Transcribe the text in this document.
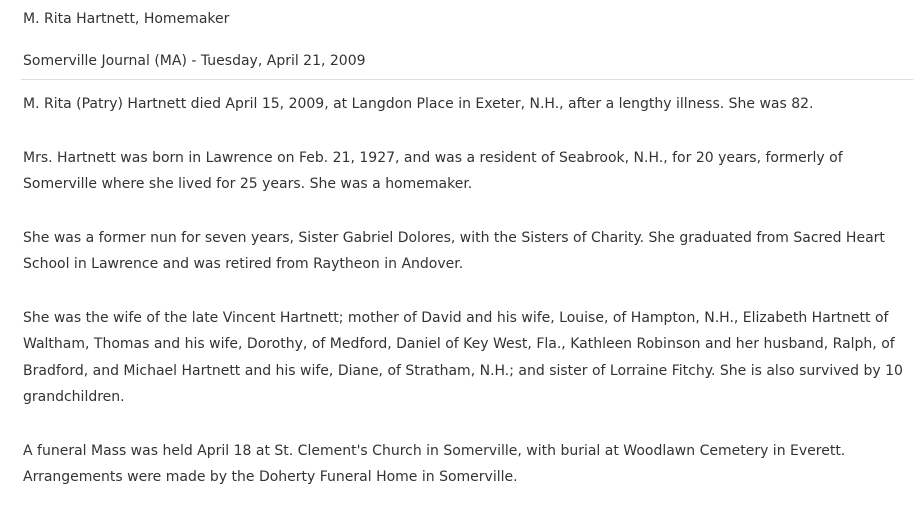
M. Rita Hartnett, Homemaker
Somerville Journal (MA) - Tuesday, April 21, 2009

M. Rita (Patry) Hartnett died April 15, 2009, at Langdon Place in Exeter, N.H., after a lengthy illness. She was 82.

Mrs. Hartnett was born in Lawrence on Feb. 21, 1927, and was a resident of Seabrook, N.H., for 20 years, formerly of Somerville where she lived for 25 years. She was a homemaker.

She was a former nun for seven years, Sister Gabriel Dolores, with the Sisters of Charity. She graduated from Sacred Heart School in Lawrence and was retired from Raytheon in Andover.

She was the wife of the late Vincent Hartnett; mother of David and his wife, Louise, of Hampton, N.H., Elizabeth Hartnett of Waltham, Thomas and his wife, Dorothy, of Medford, Daniel of Key West, Fla., Kathleen Robinson and her husband, Ralph, of Bradford, and Michael Hartnett and his wife, Diane, of Stratham, N.H.; and sister of Lorraine Fitchy. She is also survived by 10 grandchildren.

A funeral Mass was held April 18 at St. Clement's Church in Somerville, with burial at Woodlawn Cemetery in Everett. Arrangements were made by the Doherty Funeral Home in Somerville.
